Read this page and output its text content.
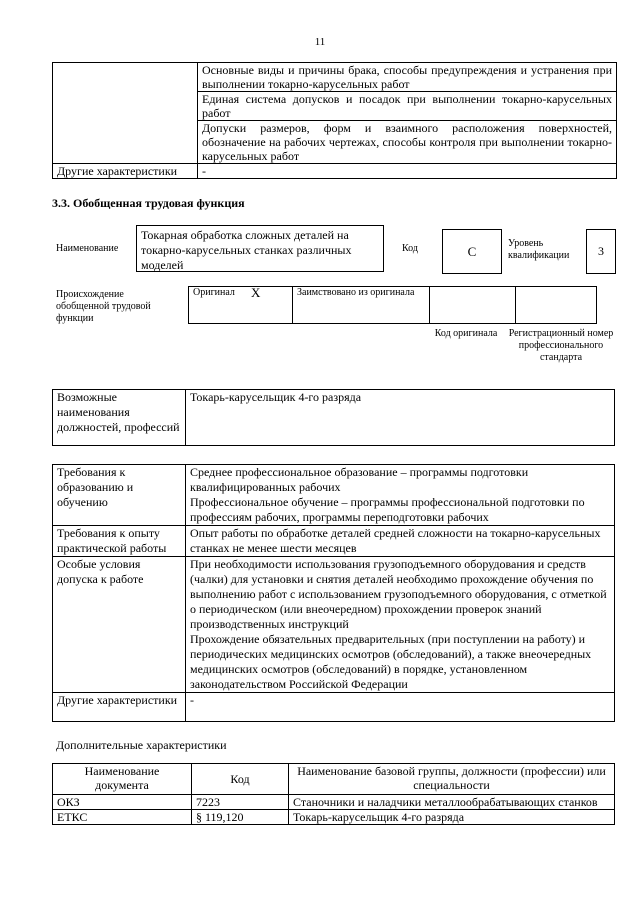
11
	Основные виды и причины брака, способы предупреждения и устранения при выполнении токарно-карусельных работ
	Единая система допусков и посадок при выполнении токарно-карусельных работ
	Допуски размеров, форм и взаимного расположения поверхностей, обозначение на рабочих чертежах, способы контроля при выполнении токарно-карусельных работ
Другие характеристики	-
3.3. Обобщенная трудовая функция
Наименование
Токарная обработка сложных деталей на токарно-карусельных станках различных моделей
Код	C
Уровень квалификации	3
Происхождение обобщенной трудовой функции
Оригинал	X	Заимствовано из оригинала		
Код оригинала Регистрационный номер профессионального стандарта
Возможные наименования должностей, профессий	Токарь-карусельщик 4-го разряда
Требования к образованию и обучению	Среднее профессиональное образование – программы подготовки квалифицированных рабочих
Профессиональное обучение – программы профессиональной подготовки по профессиям рабочих, программы переподготовки рабочих
Требования к опыту практической работы	Опыт работы по обработке деталей средней сложности на токарно-карусельных станках не менее шести месяцев
Особые условия допуска к работе	При необходимости использования грузоподъемного оборудования и средств (чалки) для установки и снятия деталей необходимо прохождение обучения по выполнению работ с использованием грузоподъемного оборудования, с отметкой о периодическом (или внеочередном) прохождении проверок знаний производственных инструкций
Прохождение обязательных предварительных (при поступлении на работу) и периодических медицинских осмотров (обследований), а также внеочередных медицинских осмотров (обследований) в порядке, установленном законодательством Российской Федерации
Другие характеристики	-
Дополнительные характеристики
Наименование документа	Код	Наименование базовой группы, должности (профессии) или специальности
ОКЗ	7223	Станочники и наладчики металлообрабатывающих станков
ЕТКС	§ 119,120	Токарь-карусельщик 4-го разряда
